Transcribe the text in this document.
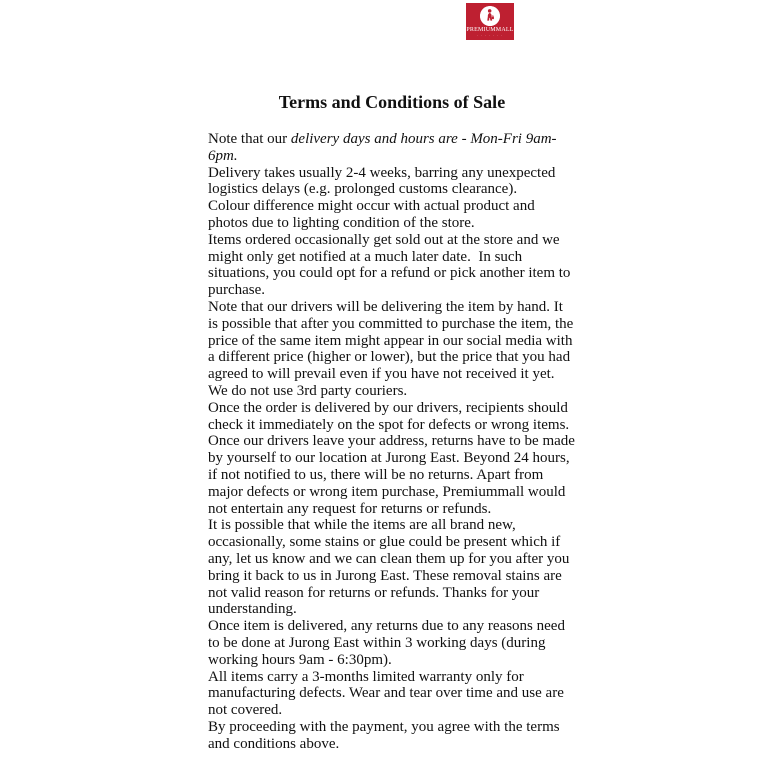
PREMIUMMALL
· · · · · · ·
Terms and Conditions of Sale

Note that our delivery days and hours are - Mon-Fri 9am-6pm.

Delivery takes usually 2-4 weeks, barring any unexpected logistics delays (e.g. prolonged customs clearance).

Colour difference might occur with actual product and photos due to lighting condition of the store.

Items ordered occasionally get sold out at the store and we might only get notified at a much later date.  In such situations, you could opt for a refund or pick another item to purchase.

Note that our drivers will be delivering the item by hand. It is possible that after you committed to purchase the item, the price of the same item might appear in our social media with a different price (higher or lower), but the price that you had agreed to will prevail even if you have not received it yet. We do not use 3rd party couriers.

Once the order is delivered by our drivers, recipients should check it immediately on the spot for defects or wrong items.

Once our drivers leave your address, returns have to be made by yourself to our location at Jurong East. Beyond 24 hours, if not notified to us, there will be no returns. Apart from major defects or wrong item purchase, Premiummall would not entertain any request for returns or refunds.

It is possible that while the items are all brand new, occasionally, some stains or glue could be present which if any, let us know and we can clean them up for you after you bring it back to us in Jurong East. These removal stains are not valid reason for returns or refunds. Thanks for your understanding.

Once item is delivered, any returns due to any reasons need to be done at Jurong East within 3 working days (during working hours 9am - 6:30pm).

All items carry a 3-months limited warranty only for manufacturing defects. Wear and tear over time and use are not covered.

By proceeding with the payment, you agree with the terms and conditions above.
